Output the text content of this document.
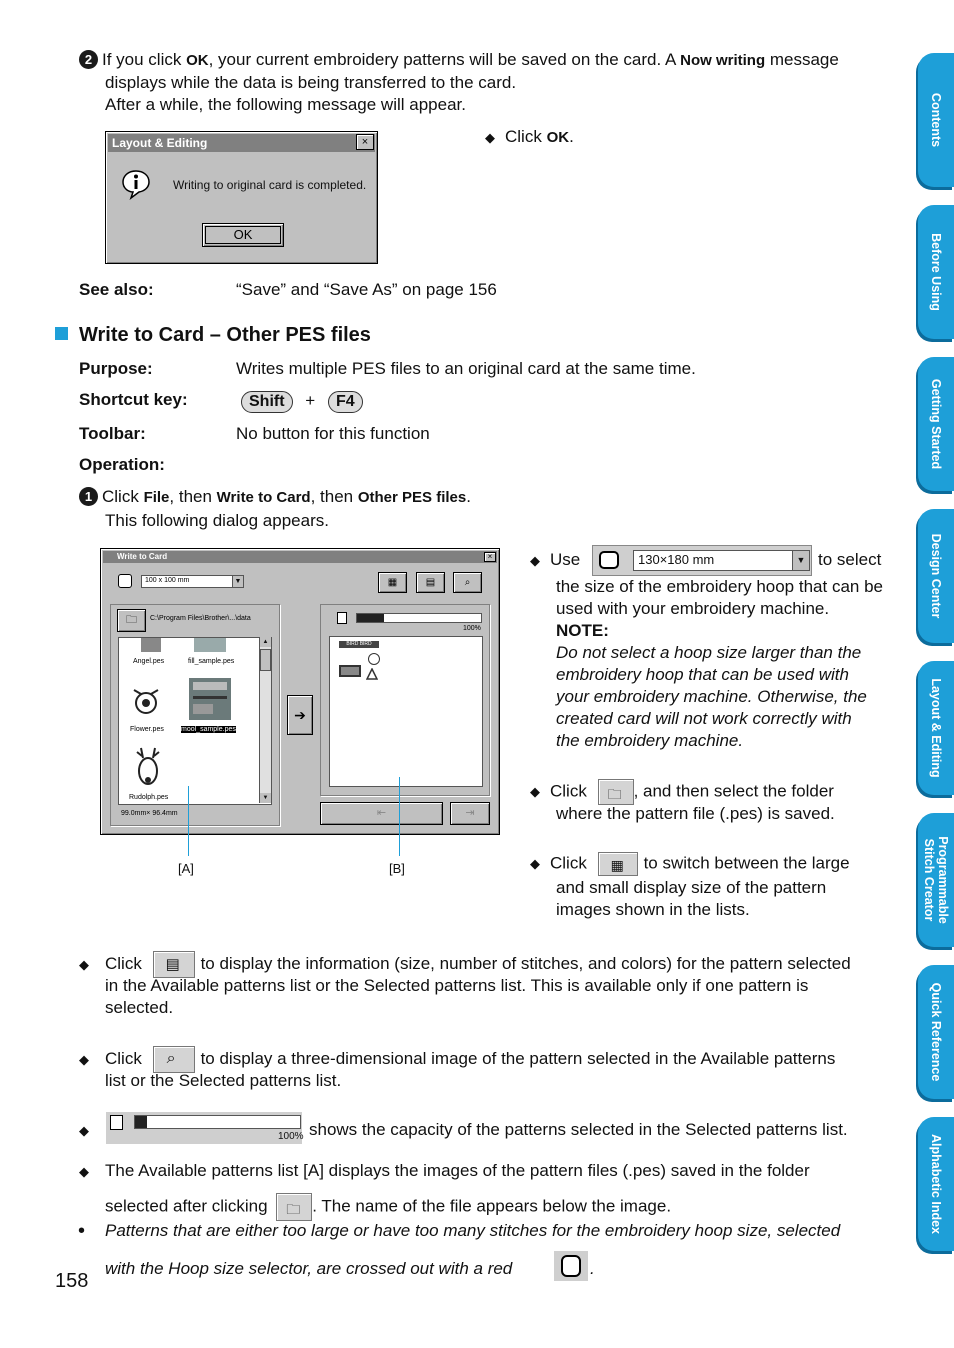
2 If you click OK, your current embroidery patterns will be saved on the card. A Now writing message
displays while the data is being transferred to the card.
After a while, the following message will appear.
Layout & Editing	×
Writing to original card is completed.
OK
◆ Click OK.
See also:	“Save” and “Save As” on page 156
Write to Card – Other PES files
Purpose:	Writes multiple PES files to an original card at the same time.
Shortcut key:	Shift + F4
Toolbar:	No button for this function
Operation:
1 Click File, then Write to Card, then Other PES files.
This following dialog appears.
Write to Card	×
100 x 100 mm	▼	▦	▤	⌕
🗀	C:\Program Files\Brother\...\data
Angel.pes	fill_sample.pes
Flower.pes mool_sample.pes
Rudolph.pes
▲
▼
99.0mm× 96.4mm
➔
100%
BIRD BIRD
⇤	⇥
[A]	[B]
◆ Use	130×180 mm	▼ to select
the size of the embroidery hoop that can be
used with your embroidery machine.
NOTE:
Do not select a hoop size larger than the
embroidery hoop that can be used with
your embroidery machine. Otherwise, the
created card will not work correctly with
the embroidery machine.
◆ Click 🗀 , and then select the folder
where the pattern file (.pes) is saved.
◆ Click ▦ to switch between the large
and small display size of the pattern
images shown in the lists.
◆ Click ▤ to display the information (size, number of stitches, and colors) for the pattern selected
in the Available patterns list or the Selected patterns list. This is available only if one pattern is
selected.
◆ Click ⌕ to display a three-dimensional image of the pattern selected in the Available patterns
list or the Selected patterns list.
◆	100% shows the capacity of the patterns selected in the Selected patterns list.
◆ The Available patterns list [A] displays the images of the pattern files (.pes) saved in the folder
selected after clicking 🗀 . The name of the file appears below the image.
• Patterns that are either too large or have too many stitches for the embroidery hoop size, selected
with the Hoop size selector, are crossed out with a red	.
158
Contents
Before Using
Getting Started
Design Center
Layout & Editing
Programmable Stitch Creator
Quick Reference
Alphabetic Index
